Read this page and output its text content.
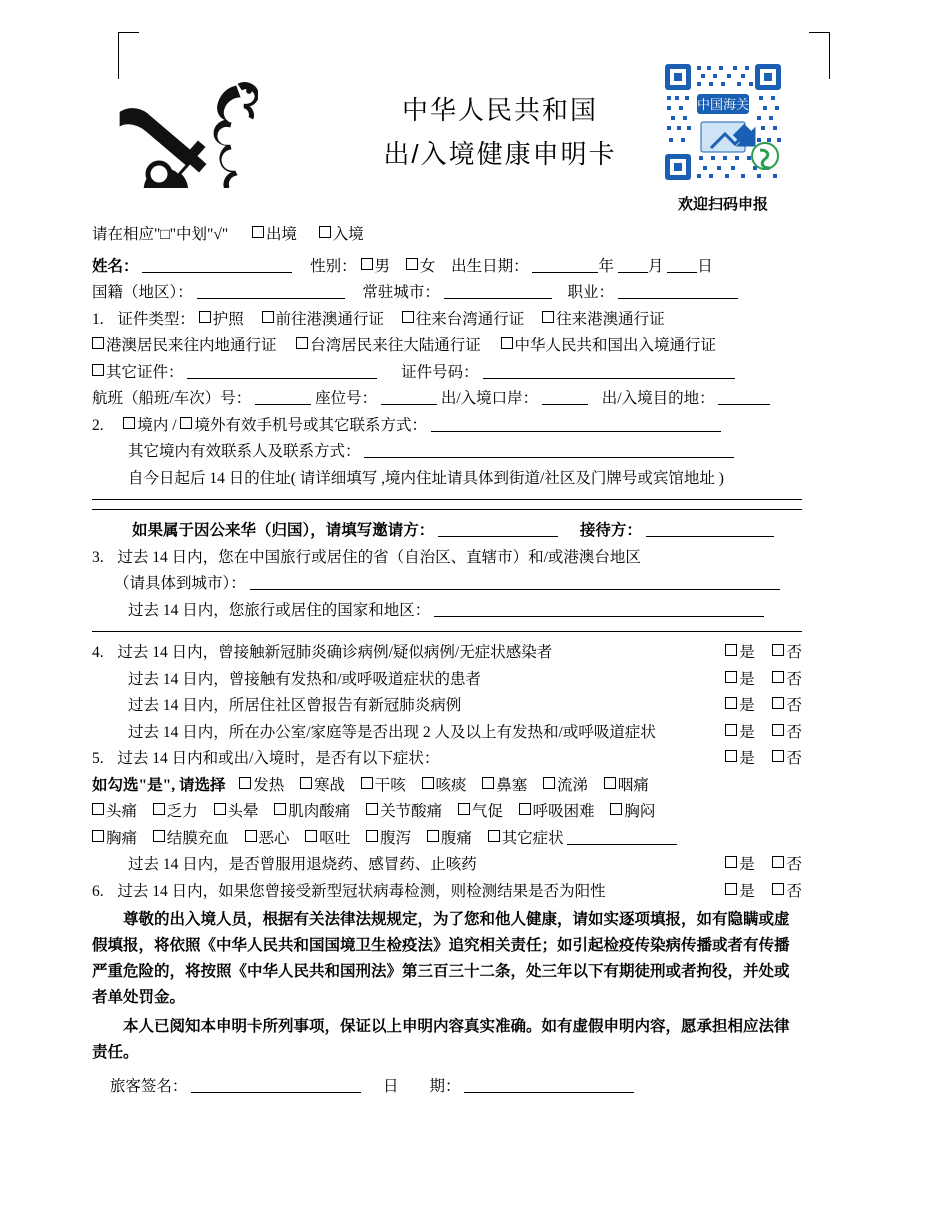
中华人民共和国
出/入境健康申明卡
中国海关
欢迎扫码申报
请在相应"□"中划"√" 出境 入境
姓名：	性别： 男 女 出生日期：	年 月 日
国籍（地区）：	常驻城市：	职业：
1. 证件类型： 护照 前往港澳通行证 往来台湾通行证 往来港澳通行证
港澳居民来往内地通行证 台湾居民来往大陆通行证 中华人民共和国出入境通行证
其它证件：	证件号码：
航班（船班/车次）号：	座位号：	出/入境口岸：	出/入境目的地：
2. 境内 / 境外有效手机号或其它联系方式：
其它境内有效联系人及联系方式：
自今日起后 14 日的住址( 请详细填写 ,境内住址请具体到街道/社区及门牌号或宾馆地址 )
如果属于因公来华（归国），请填写邀请方：	接待方：
3. 过去 14 日内，您在中国旅行或居住的省（自治区、直辖市）和/或港澳台地区
（请具体到城市）：
过去 14 日内，您旅行或居住的国家和地区：
4. 过去 14 日内，曾接触新冠肺炎确诊病例/疑似病例/无症状感染者	是 否
过去 14 日内，曾接触有发热和/或呼吸道症状的患者	是 否
过去 14 日内，所居住社区曾报告有新冠肺炎病例	是 否
过去 14 日内，所在办公室/家庭等是否出现 2 人及以上有发热和/或呼吸道症状	是 否
5. 过去 14 日内和或出/入境时，是否有以下症状：	是 否
如勾选"是", 请选择 发热 寒战 干咳 咳痰 鼻塞 流涕 咽痛
头痛 乏力 头晕 肌肉酸痛 关节酸痛 气促 呼吸困难 胸闷
胸痛 结膜充血 恶心 呕吐 腹泻 腹痛 其它症状
过去 14 日内，是否曾服用退烧药、感冒药、止咳药	是 否
6. 过去 14 日内，如果您曾接受新型冠状病毒检测，则检测结果是否为阳性	是 否
尊敬的出入境人员，根据有关法律法规规定，为了您和他人健康，请如实逐项填报，如有隐瞒或虚假填报，将依照《中华人民共和国国境卫生检疫法》追究相关责任；如引起检疫传染病传播或者有传播严重危险的，将按照《中华人民共和国刑法》第三百三十二条，处三年以下有期徒刑或者拘役，并处或者单处罚金。
本人已阅知本申明卡所列事项，保证以上申明内容真实准确。如有虚假申明内容，愿承担相应法律责任。
旅客签名：	日　　期：
